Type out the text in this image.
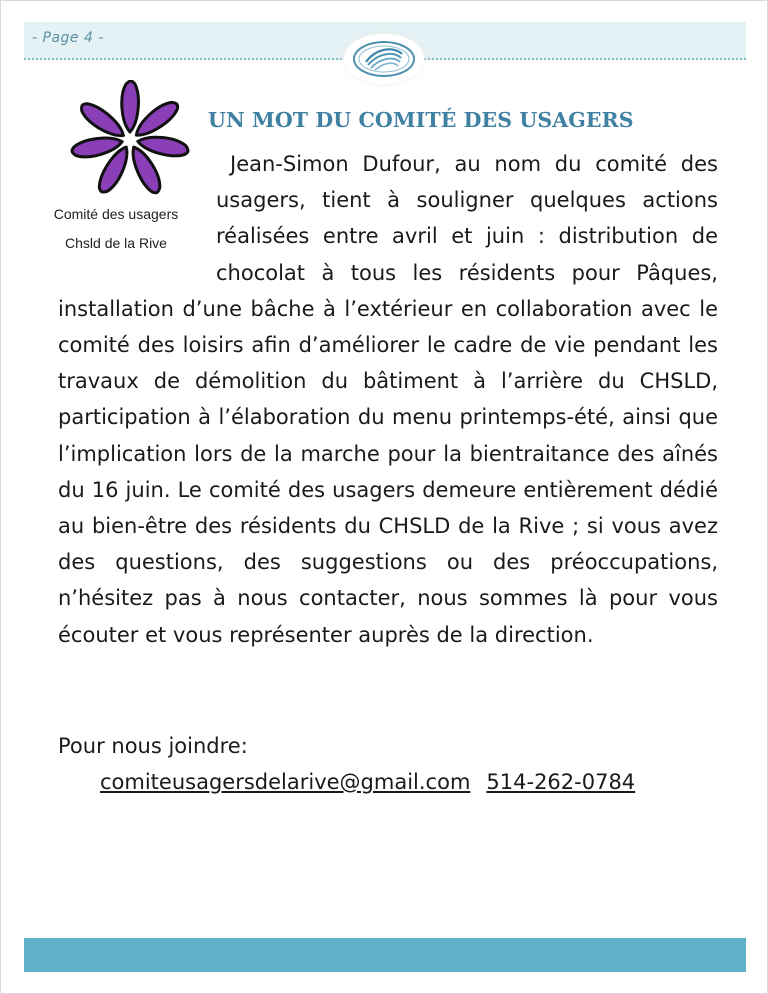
- Page 4 -
Comité des usagers
Chsld de la Rive
UN MOT DU COMITÉ DES USAGERS
Jean-Simon Dufour, au nom du comité des usagers, tient à souligner quelques actions réalisées entre avril et juin : distribution de chocolat à tous les résidents pour Pâques, installation d’une bâche à l’extérieur en collaboration avec le comité des loisirs afin d’améliorer le cadre de vie pendant les travaux de démolition du bâtiment à l’arrière du CHSLD, participation à l’élaboration du menu printemps-été, ainsi que l’implication lors de la marche pour la bientraitance des aînés du 16 juin. Le comité des usagers demeure entièrement dédié au bien-être des résidents du CHSLD de la Rive ; si vous avez des questions, des suggestions ou des préoccupations, n’hésitez pas à nous contacter, nous sommes là pour vous écouter et vous représenter auprès de la direction.
Pour nous joindre:
comiteusagersdelarive@gmail.com 514-262-0784
